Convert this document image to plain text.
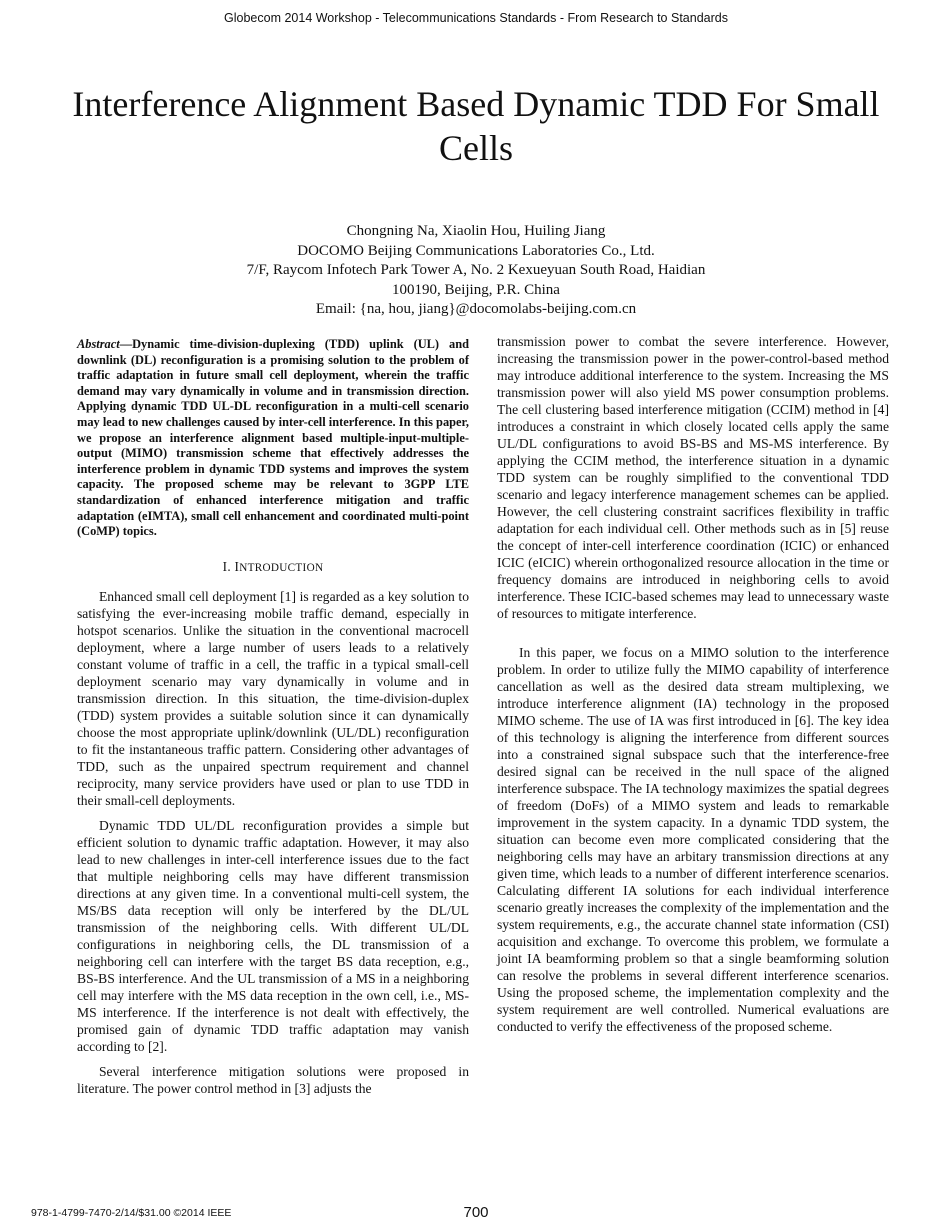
Globecom 2014 Workshop - Telecommunications Standards - From Research to Standards
Interference Alignment Based Dynamic TDD For Small Cells
Chongning Na, Xiaolin Hou, Huiling Jiang
DOCOMO Beijing Communications Laboratories Co., Ltd.
7/F, Raycom Infotech Park Tower A, No. 2 Kexueyuan South Road, Haidian
100190, Beijing, P.R. China
Email: {na, hou, jiang}@docomolabs-beijing.com.cn

Abstract—Dynamic time-division-duplexing (TDD) uplink (UL) and downlink (DL) reconfiguration is a promising solution to the problem of traffic adaptation in future small cell deployment, wherein the traffic demand may vary dynamically in volume and in transmission direction. Applying dynamic TDD UL-DL reconfiguration in a multi-cell scenario may lead to new challenges caused by inter-cell interference. In this paper, we propose an interference alignment based multiple-input-multiple-output (MIMO) transmission scheme that effectively addresses the interference problem in dynamic TDD systems and improves the system capacity. The proposed scheme may be relevant to 3GPP LTE standardization of enhanced interference mitigation and traffic adaptation (eIMTA), small cell enhancement and coordinated multi-point (CoMP) topics.

I. INTRODUCTION

Enhanced small cell deployment [1] is regarded as a key solution to satisfying the ever-increasing mobile traffic demand, especially in hotspot scenarios. Unlike the situation in the conventional macrocell deployment, where a large number of users leads to a relatively constant volume of traffic in a cell, the traffic in a typical small-cell deployment scenario may vary dynamically in volume and in transmission direction. In this situation, the time-division-duplex (TDD) system provides a suitable solution since it can dynamically choose the most appropriate uplink/downlink (UL/DL) reconfiguration to fit the instantaneous traffic pattern. Considering other advantages of TDD, such as the unpaired spectrum requirement and channel reciprocity, many service providers have used or plan to use TDD in their small-cell deployments.

Dynamic TDD UL/DL reconfiguration provides a simple but efficient solution to dynamic traffic adaptation. However, it may also lead to new challenges in inter-cell interference issues due to the fact that multiple neighboring cells may have different transmission directions at any given time. In a conventional multi-cell system, the MS/BS data reception will only be interfered by the DL/UL transmission of the neighboring cells. With different UL/DL configurations in neighboring cells, the DL transmission of a neighboring cell can interfere with the target BS data reception, e.g., BS-BS interference. And the UL transmission of a MS in a neighboring cell may interfere with the MS data reception in the own cell, i.e., MS-MS interference. If the interference is not dealt with effectively, the promised gain of dynamic TDD traffic adaptation may vanish according to [2].

Several interference mitigation solutions were proposed in literature. The power control method in [3] adjusts the

transmission power to combat the severe interference. However, increasing the transmission power in the power-control-based method may introduce additional interference to the system. Increasing the MS transmission power will also yield MS power consumption problems. The cell clustering based interference mitigation (CCIM) method in [4] introduces a constraint in which closely located cells apply the same UL/DL configurations to avoid BS-BS and MS-MS interference. By applying the CCIM method, the interference situation in a dynamic TDD system can be roughly simplified to the conventional TDD scenario and legacy interference management schemes can be applied. However, the cell clustering constraint sacrifices flexibility in traffic adaptation for each individual cell. Other methods such as in [5] reuse the concept of inter-cell interference coordination (ICIC) or enhanced ICIC (eICIC) wherein orthogonalized resource allocation in the time or frequency domains are introduced in neighboring cells to avoid interference. These ICIC-based schemes may lead to unnecessary waste of resources to mitigate interference.

In this paper, we focus on a MIMO solution to the interference problem. In order to utilize fully the MIMO capability of interference cancellation as well as the desired data stream multiplexing, we introduce interference alignment (IA) technology in the proposed MIMO scheme. The use of IA was first introduced in [6]. The key idea of this technology is aligning the interference from different sources into a constrained signal subspace such that the interference-free desired signal can be received in the null space of the aligned interference subspace. The IA technology maximizes the spatial degrees of freedom (DoFs) of a MIMO system and leads to remarkable improvement in the system capacity. In a dynamic TDD system, the situation can become even more complicated considering that the neighboring cells may have an arbitary transmission directions at any given time, which leads to a number of different interference scenarios. Calculating different IA solutions for each individual interference scenario greatly increases the complexity of the implementation and the system requirements, e.g., the accurate channel state information (CSI) acquisition and exchange. To overcome this problem, we formulate a joint IA beamforming problem so that a single beamforming solution can resolve the problems in several different interference scenarios. Using the proposed scheme, the implementation complexity and the system requirement are well controlled. Numerical evaluations are conducted to verify the effectiveness of the proposed scheme.

978-1-4799-7470-2/14/$31.00 ©2014 IEEE	700
